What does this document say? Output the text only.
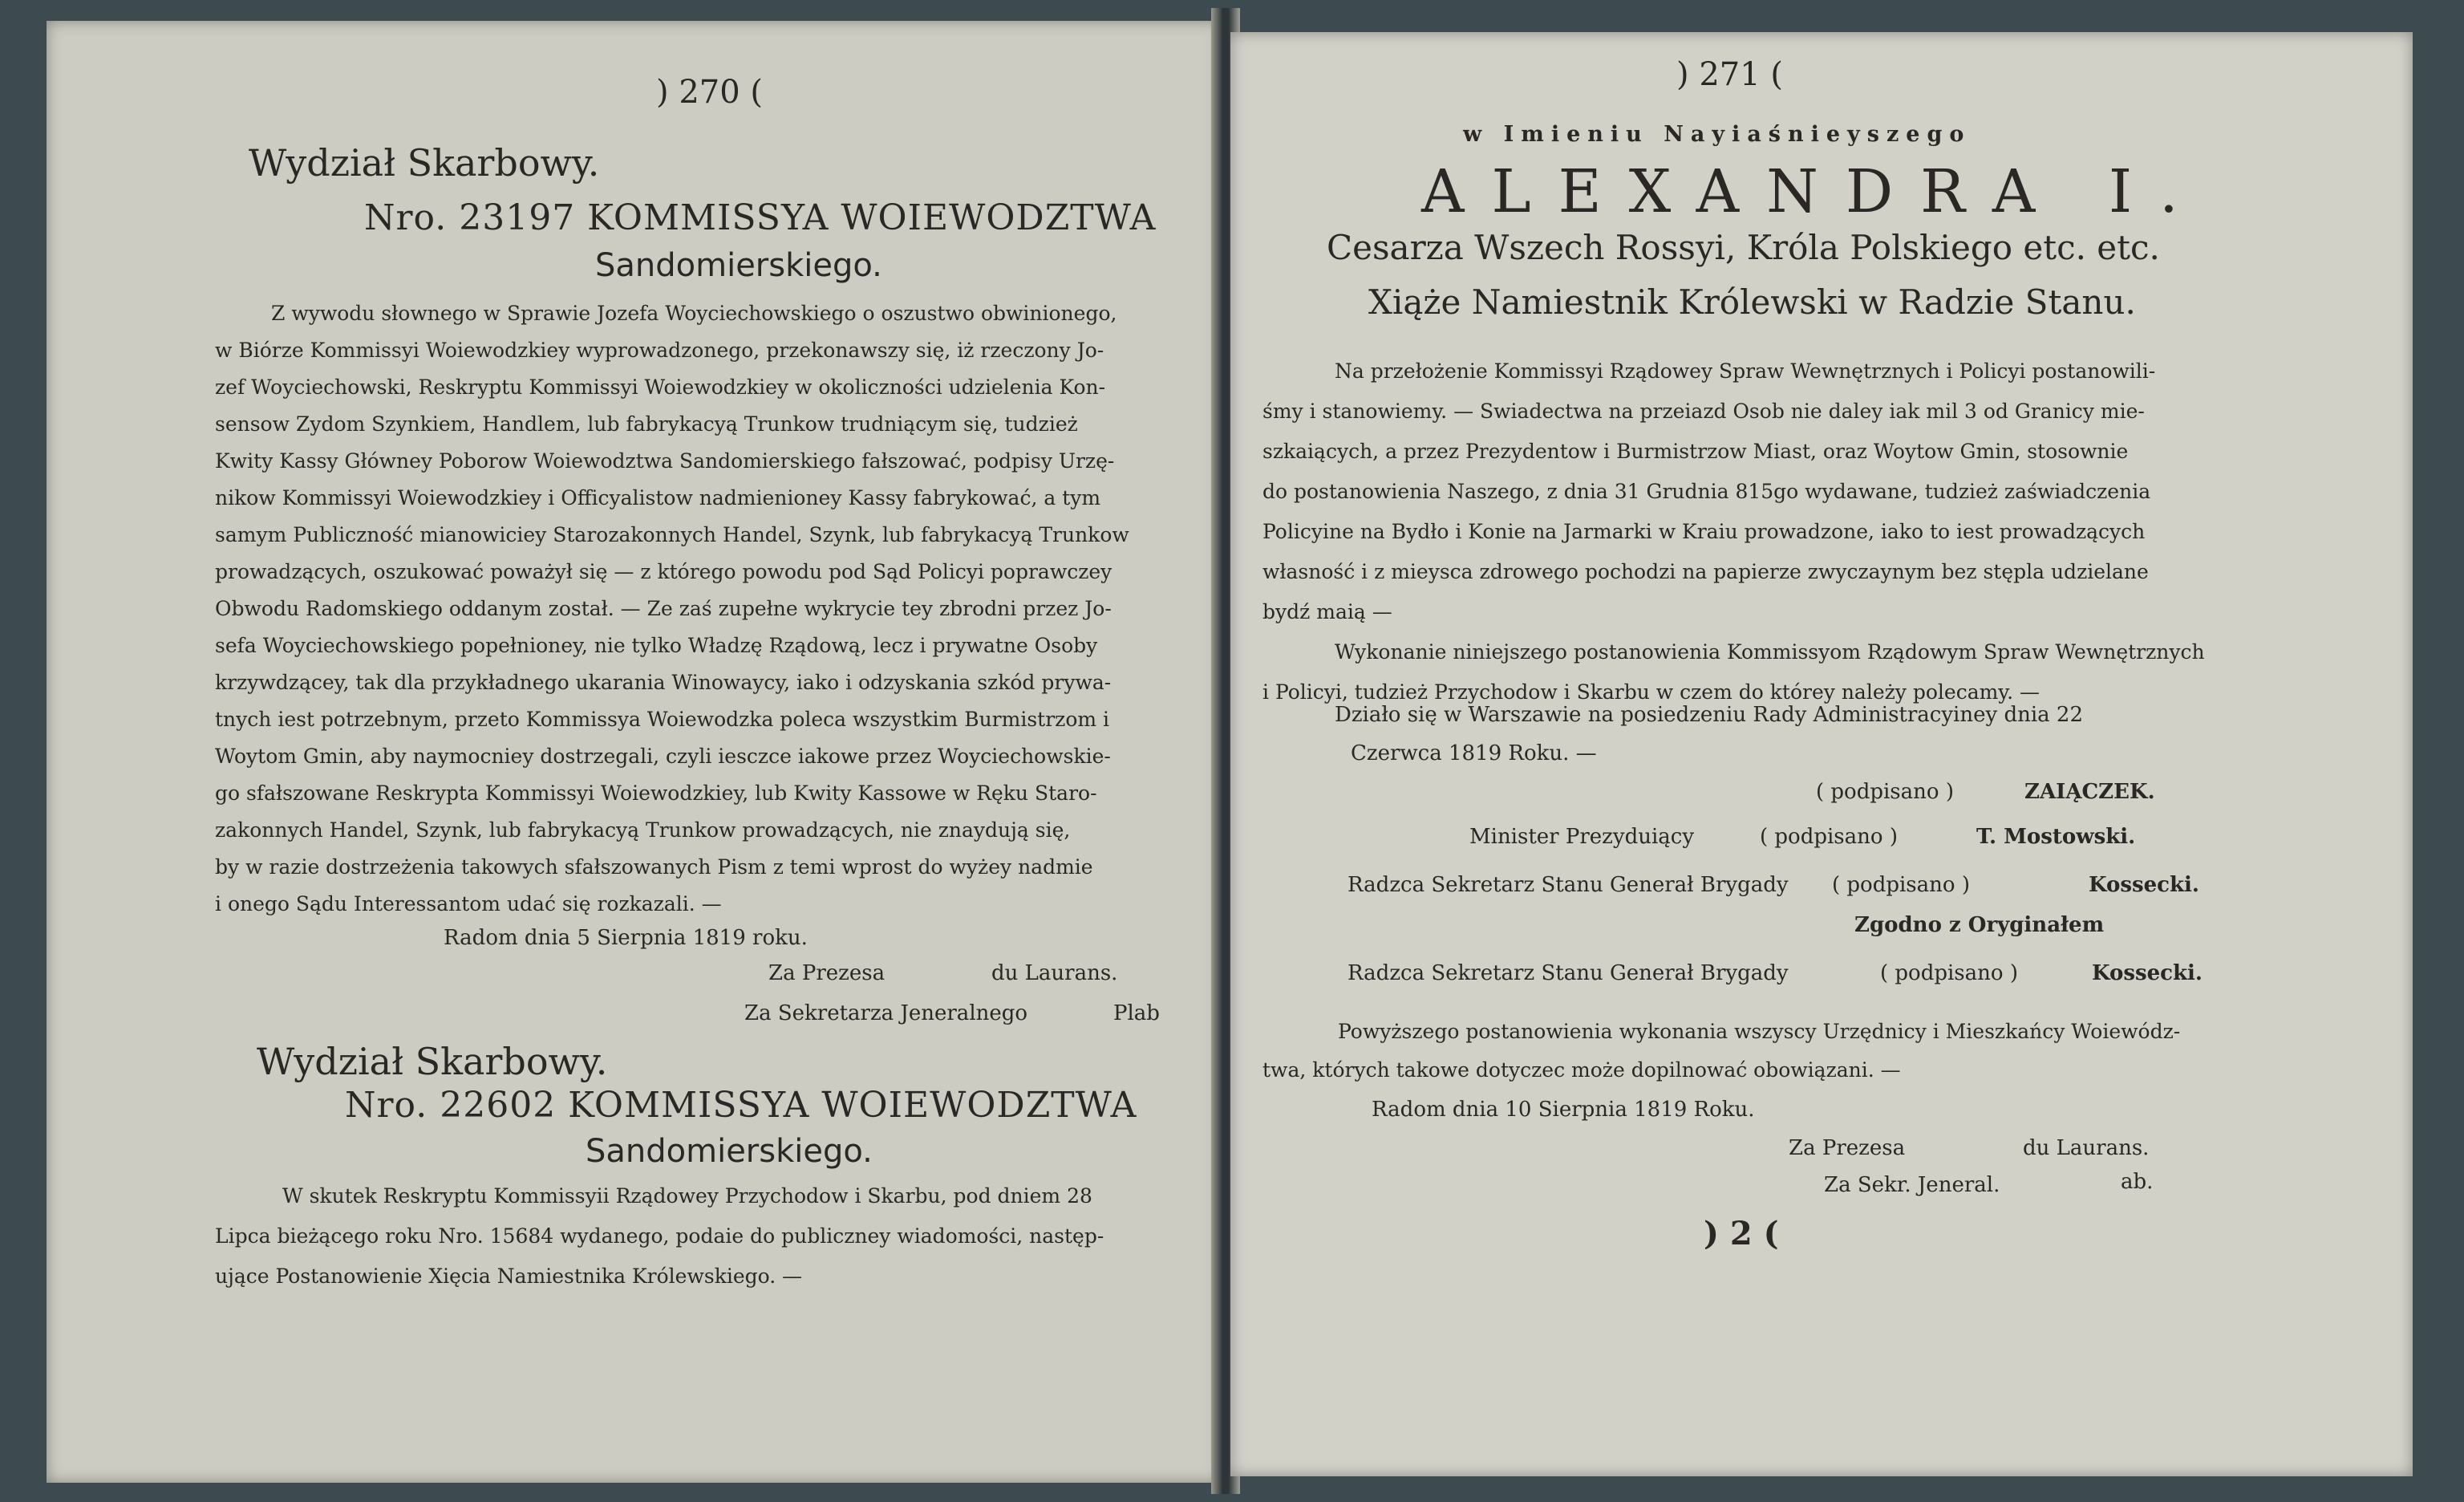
) 270 (
Wydział Skarbowy.
Nro. 23197 KOMMISSYA WOIEWODZTWA
Sandomierskiego.
Z wywodu słownego w Sprawie Jozefa Woyciechowskiego o oszustwo obwinionego,
w Biórze Kommissyi Woiewodzkiey wyprowadzonego, przekonawszy się, iż rzeczony Jo-
zef Woyciechowski, Reskryptu Kommissyi Woiewodzkiey w okoliczności udzielenia Kon-
sensow Zydom Szynkiem, Handlem, lub fabrykacyą Trunkow trudniącym się, tudzież
Kwity Kassy Główney Poborow Woiewodztwa Sandomierskiego fałszować, podpisy Urzę-
nikow Kommissyi Woiewodzkiey i Officyalistow nadmienioney Kassy fabrykować, a tym
samym Publiczność mianowiciey Starozakonnych Handel, Szynk, lub fabrykacyą Trunkow
prowadzących, oszukować poważył się — z którego powodu pod Sąd Policyi poprawczey
Obwodu Radomskiego oddanym został. — Ze zaś zupełne wykrycie tey zbrodni przez Jo-
sefa Woyciechowskiego popełnioney, nie tylko Władzę Rządową, lecz i prywatne Osoby
krzywdzącey, tak dla przykładnego ukarania Winowaycy, iako i odzyskania szkód prywa-
tnych iest potrzebnym, przeto Kommissya Woiewodzka poleca wszystkim Burmistrzom i
Woytom Gmin, aby naymocniey dostrzegali, czyli iesczce iakowe przez Woyciechowskie-
go sfałszowane Reskrypta Kommissyi Woiewodzkiey, lub Kwity Kassowe w Ręku Staro-
zakonnych Handel, Szynk, lub fabrykacyą Trunkow prowadzących, nie znaydują się,
by w razie dostrzeżenia takowych sfałszowanych Pism z temi wprost do wyżey nadmie
i onego Sądu Interessantom udać się rozkazali. —
Radom dnia 5 Sierpnia 1819 roku.
Za Prezesa	du Laurans.
Za Sekretarza Jeneralnego	Plab
Wydział Skarbowy.
Nro. 22602 KOMMISSYA WOIEWODZTWA
Sandomierskiego.
W skutek Reskryptu Kommissyii Rządowey Przychodow i Skarbu, pod dniem 28
Lipca bieżącego roku Nro. 15684 wydanego, podaie do publiczney wiadomości, następ-
ujące Postanowienie Xięcia Namiestnika Królewskiego. —
) 271 (
w Imieniu Nayiaśnieyszego
ALEXANDRA I.
Cesarza Wszech Rossyi, Króla Polskiego etc. etc.
Xiąże Namiestnik Królewski w Radzie Stanu.
Na przełożenie Kommissyi Rządowey Spraw Wewnętrznych i Policyi postanowili-
śmy i stanowiemy. — Swiadectwa na przeiazd Osob nie daley iak mil 3 od Granicy mie-
szkaiących, a przez Prezydentow i Burmistrzow Miast, oraz Woytow Gmin, stosownie
do postanowienia Naszego, z dnia 31 Grudnia 815go wydawane, tudzież zaświadczenia
Policyine na Bydło i Konie na Jarmarki w Kraiu prowadzone, iako to iest prowadzących
własność i z mieysca zdrowego pochodzi na papierze zwyczaynym bez stępla udzielane
bydź maią —
Wykonanie niniejszego postanowienia Kommissyom Rządowym Spraw Wewnętrznych
i Policyi, tudzież Przychodow i Skarbu w czem do którey należy polecamy. —
Działo się w Warszawie na posiedzeniu Rady Administracyiney dnia 22
Czerwca 1819 Roku. —
( podpisano )	ZAIĄCZEK.
Minister Prezyduiący	( podpisano )	T. Mostowski.
Radzca Sekretarz Stanu Generał Brygady ( podpisano )	Kossecki.
Zgodno z Oryginałem
Radzca Sekretarz Stanu Generał Brygady	( podpisano )	Kossecki.
Powyższego postanowienia wykonania wszyscy Urzędnicy i Mieszkańcy Woiewódz-
twa, których takowe dotyczec może dopilnować obowiązani. —
Radom dnia 10 Sierpnia 1819 Roku.
Za Prezesa	du Laurans.
Za Sekr. Jeneral.	ab.
) 2 (
